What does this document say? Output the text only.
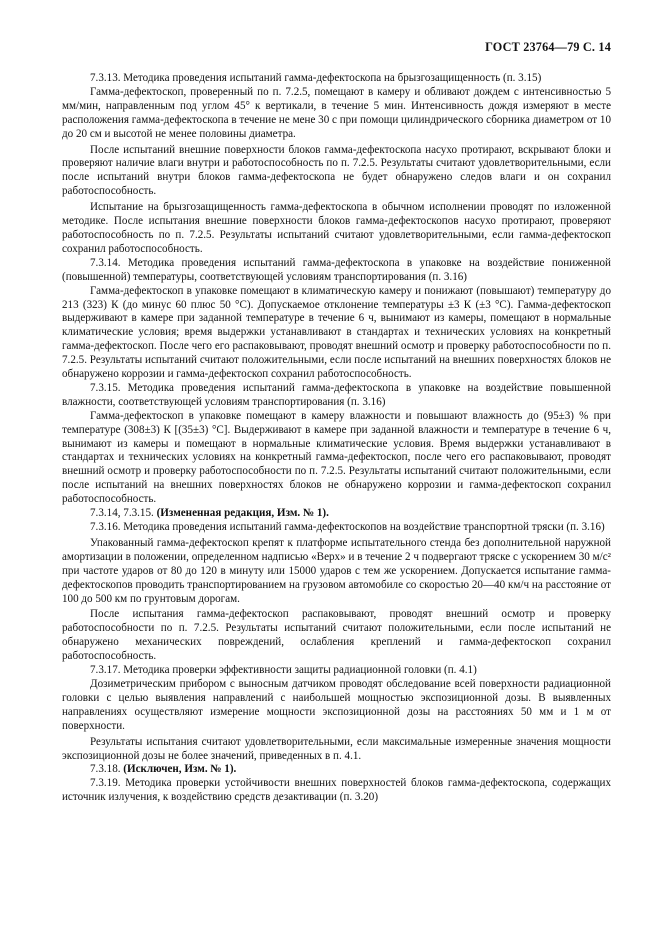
ГОСТ 23764—79 С. 14

7.3.13. Методика проведения испытаний гамма-дефектоскопа на брызгозащищенность (п. 3.15)

Гамма-дефектоскоп, проверенный по п. 7.2.5, помещают в камеру и обливают дождем с интенсивностью 5 мм/мин, направленным под углом 45° к вертикали, в течение 5 мин. Интенсивность дождя измеряют в месте расположения гамма-дефектоскопа в течение не мене 30 с при помощи цилиндрического сборника диаметром от 10 до 20 см и высотой не менее половины диаметра.

После испытаний внешние поверхности блоков гамма-дефектоскопа насухо протирают, вскрывают блоки и проверяют наличие влаги внутри и работоспособность по п. 7.2.5. Результаты считают удовлетворительными, если после испытаний внутри блоков гамма-дефектоскопа не будет обнаружено следов влаги и он сохранил работоспособность.

Испытание на брызгозащищенность гамма-дефектоскопа в обычном исполнении проводят по изложенной методике. После испытания внешние поверхности блоков гамма-дефектоскопов насухо протирают, проверяют работоспособность по п. 7.2.5. Результаты испытаний считают удовлетворительными, если гамма-дефектоскоп сохранил работоспособность.

7.3.14. Методика проведения испытаний гамма-дефектоскопа в упаковке на воздействие пониженной (повышенной) температуры, соответствующей условиям транспортирования (п. 3.16)

Гамма-дефектоскоп в упаковке помещают в климатическую камеру и понижают (повышают) температуру до 213 (323) К (до минус 60 плюс 50 °С). Допускаемое отклонение температуры ±3 К (±3 °С). Гамма-дефектоскоп выдерживают в камере при заданной температуре в течение 6 ч, вынимают из камеры, помещают в нормальные климатические условия; время выдержки устанавливают в стандартах и технических условиях на конкретный гамма-дефектоскоп. После чего его распаковывают, проводят внешний осмотр и проверку работоспособности по п. 7.2.5. Результаты испытаний считают положительными, если после испытаний на внешних поверхностях блоков не обнаружено коррозии и гамма-дефектоскоп сохранил работоспособность.

7.3.15. Методика проведения испытаний гамма-дефектоскопа в упаковке на воздействие повышенной влажности, соответствующей условиям транспортирования (п. 3.16)

Гамма-дефектоскоп в упаковке помещают в камеру влажности и повышают влажность до (95±3) % при температуре (308±3) К [(35±3) °С]. Выдерживают в камере при заданной влажности и температуре в течение 6 ч, вынимают из камеры и помещают в нормальные климатические условия. Время выдержки устанавливают в стандартах и технических условиях на конкретный гамма-дефектоскоп, после чего его распаковывают, проводят внешний осмотр и проверку работоспособности по п. 7.2.5. Результаты испытаний считают положительными, если после испытаний на внешних поверхностях блоков не обнаружено коррозии и гамма-дефектоскоп сохранил работоспособность.

7.3.14, 7.3.15. (Измененная редакция, Изм. № 1).

7.3.16. Методика проведения испытаний гамма-дефектоскопов на воздействие транспортной тряски (п. 3.16)

Упакованный гамма-дефектоскоп крепят к платформе испытательного стенда без дополнительной наружной амортизации в положении, определенном надписью «Верх» и в течение 2 ч подвергают тряске с ускорением 30 м/с² при частоте ударов от 80 до 120 в минуту или 15000 ударов с тем же ускорением. Допускается испытание гамма-дефектоскопов проводить транспортированием на грузовом автомобиле со скоростью 20—40 км/ч на расстояние от 100 до 500 км по грунтовым дорогам.

После испытания гамма-дефектоскоп распаковывают, проводят внешний осмотр и проверку работоспособности по п. 7.2.5. Результаты испытаний считают положительными, если после испытаний не обнаружено механических повреждений, ослабления креплений и гамма-дефектоскоп сохранил работоспособность.

7.3.17. Методика проверки эффективности защиты радиационной головки (п. 4.1)

Дозиметрическим прибором с выносным датчиком проводят обследование всей поверхности радиационной головки с целью выявления направлений с наибольшей мощностью экспозиционной дозы. В выявленных направлениях осуществляют измерение мощности экспозиционной дозы на расстояниях 50 мм и 1 м от поверхности.

Результаты испытания считают удовлетворительными, если максимальные измеренные значения мощности экспозиционной дозы не более значений, приведенных в п. 4.1.

7.3.18. (Исключен, Изм. № 1).

7.3.19. Методика проверки устойчивости внешних поверхностей блоков гамма-дефектоскопа, содержащих источник излучения, к воздействию средств дезактивации (п. 3.20)
